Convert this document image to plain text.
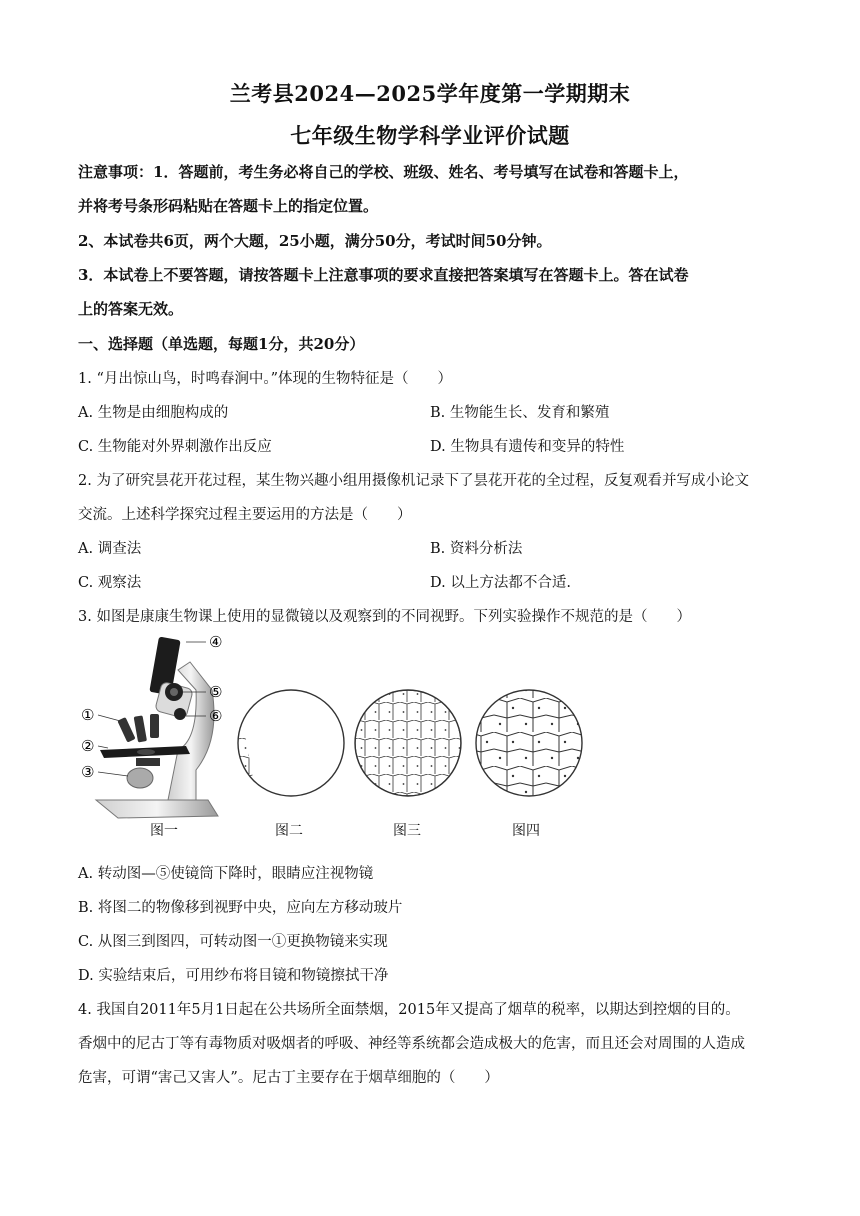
兰考县2024—2025学年度第一学期期末
七年级生物学科学业评价试题
注意事项：1．答题前，考生务必将自己的学校、班级、姓名、考号填写在试卷和答题卡上，
并将考号条形码粘贴在答题卡上的指定位置。
2、本试卷共6页，两个大题，25小题，满分50分，考试时间50分钟。
3．本试卷上不要答题，请按答题卡上注意事项的要求直接把答案填写在答题卡上。答在试卷
上的答案无效。
一、选择题（单选题，每题1分，共20分）
1. “月出惊山鸟，时鸣春涧中。”体现的生物特征是（　　）
A. 生物是由细胞构成的	B. 生物能生长、发育和繁殖
C. 生物能对外界刺激作出反应	D. 生物具有遗传和变异的特性
2. 为了研究昙花开花过程，某生物兴趣小组用摄像机记录下了昙花开花的全过程，反复观看并写成小论文
交流。上述科学探究过程主要运用的方法是（　　）
A. 调查法	B. 资料分析法
C. 观察法	D. 以上方法都不合适.
3. 如图是康康生物课上使用的显微镜以及观察到的不同视野。下列实验操作不规范的是（　　）
④
⑤
⑥
①
②
③
图一	图二	图三	图四
A. 转动图—⑤使镜筒下降时，眼睛应注视物镜
B. 将图二的物像移到视野中央，应向左方移动玻片
C. 从图三到图四，可转动图一①更换物镜来实现
D. 实验结束后，可用纱布将目镜和物镜擦拭干净
4. 我国自2011年5月1日起在公共场所全面禁烟，2015年又提高了烟草的税率，以期达到控烟的目的。
香烟中的尼古丁等有毒物质对吸烟者的呼吸、神经等系统都会造成极大的危害，而且还会对周围的人造成
危害，可谓“害己又害人”。尼古丁主要存在于烟草细胞的（　　）
